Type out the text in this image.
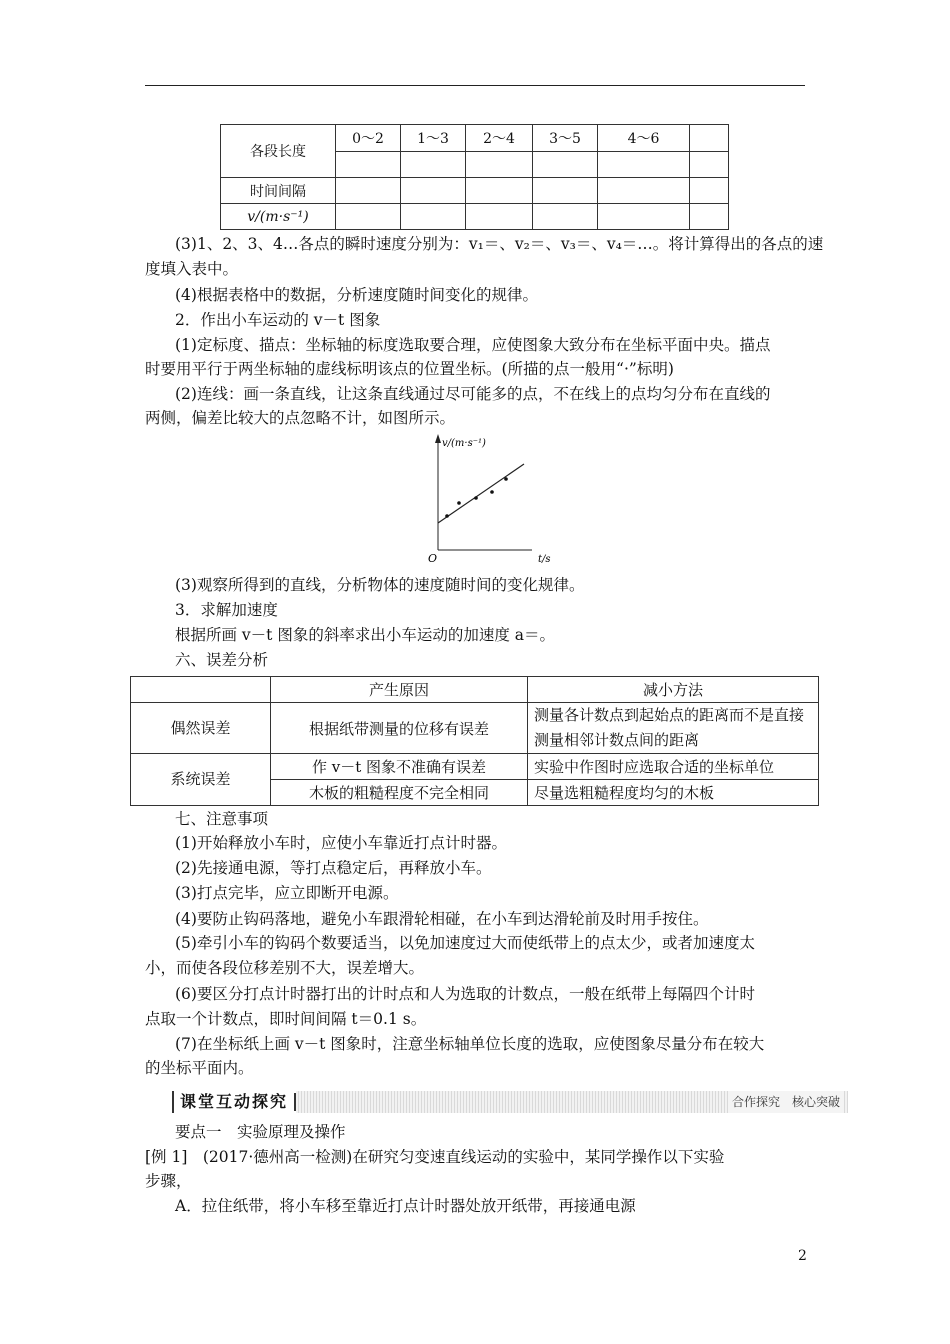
各段长度	0～2	1～3	2～4	3～5	4～6	

时间间隔						
v/(m·s⁻¹)						
(3)1、2、3、4…各点的瞬时速度分别为：v₁＝、v₂＝、v₃＝、v₄＝…。将计算得出的各点的速
度填入表中。
(4)根据表格中的数据，分析速度随时间变化的规律。
2．作出小车运动的 v－t 图象
(1)定标度、描点：坐标轴的标度选取要合理，应使图象大致分布在坐标平面中央。描点
时要用平行于两坐标轴的虚线标明该点的位置坐标。(所描的点一般用“·”标明)
(2)连线：画一条直线，让这条直线通过尽可能多的点，不在线上的点均匀分布在直线的
两侧，偏差比较大的点忽略不计，如图所示。
v/(m·s⁻¹)
t/s
O
(3)观察所得到的直线，分析物体的速度随时间的变化规律。
3．求解加速度
根据所画 v－t 图象的斜率求出小车运动的加速度 a＝。
六、误差分析
	产生原因	减小方法
偶然误差	根据纸带测量的位移有误差	测量各计数点到起始点的距离而不是直接测量相邻计数点间的距离
系统误差	作 v－t 图象不准确有误差	实验中作图时应选取合适的坐标单位
	木板的粗糙程度不完全相同	尽量选粗糙程度均匀的木板
七、注意事项
(1)开始释放小车时，应使小车靠近打点计时器。
(2)先接通电源，等打点稳定后，再释放小车。
(3)打点完毕，应立即断开电源。
(4)要防止钩码落地，避免小车跟滑轮相碰，在小车到达滑轮前及时用手按住。
(5)牵引小车的钩码个数要适当，以免加速度过大而使纸带上的点太少，或者加速度太
小，而使各段位移差别不大，误差增大。
(6)要区分打点计时器打出的计时点和人为选取的计数点，一般在纸带上每隔四个计时
点取一个计数点，即时间间隔 t＝0.1 s。
(7)在坐标纸上画 v－t 图象时，注意坐标轴单位长度的选取，应使图象尽量分布在较大
的坐标平面内。
课堂互动探究	合作探究　核心突破
要点一　实验原理及操作
[例 1]　(2017·德州高一检测)在研究匀变速直线运动的实验中，某同学操作以下实验
步骤，
A．拉住纸带，将小车移至靠近打点计时器处放开纸带，再接通电源
2
